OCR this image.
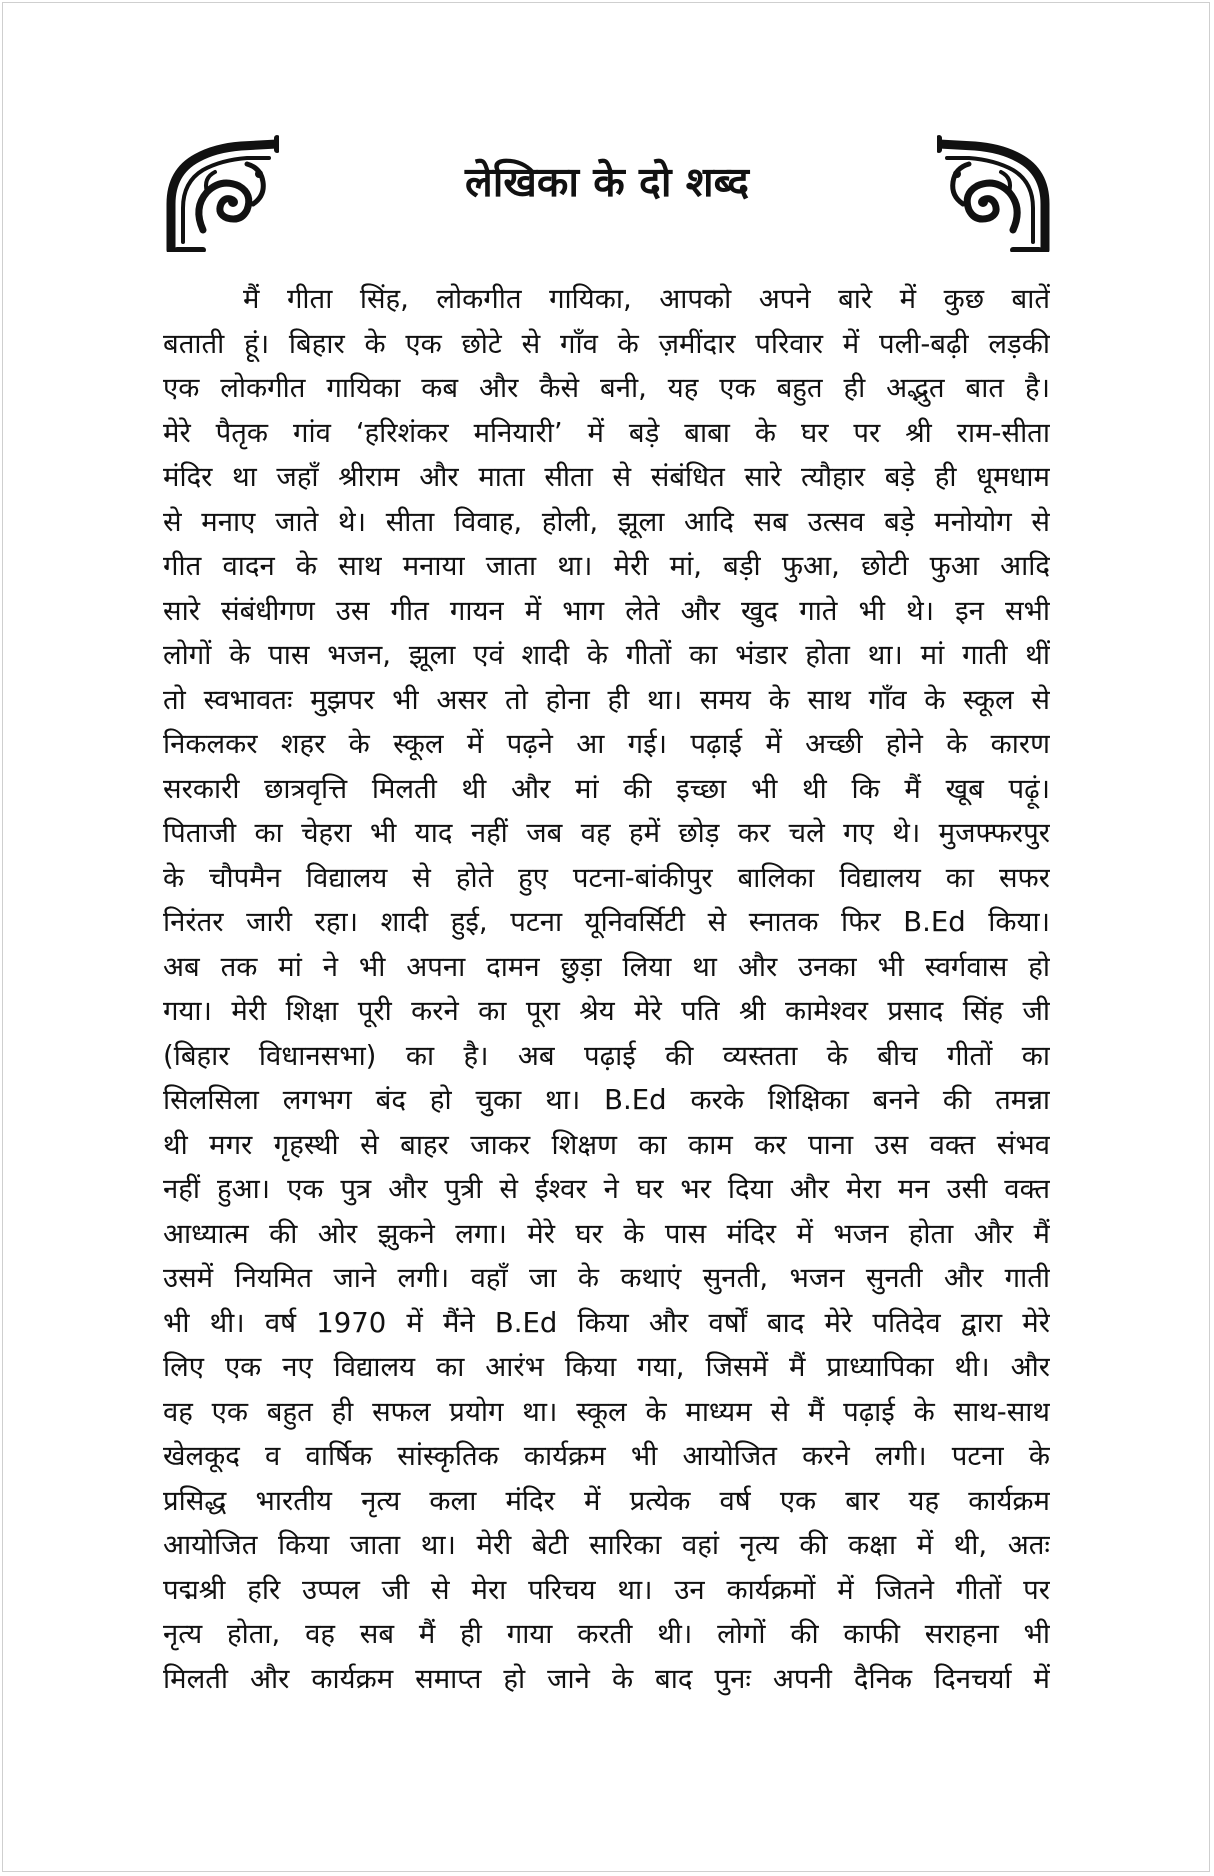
लेखिका के दो शब्द
मैं गीता सिंह, लोकगीत गायिका, आपको अपने बारे में कुछ बातें
बताती हूं। बिहार के एक छोटे से गाँव के ज़मींदार परिवार में पली-बढ़ी लड़की
एक लोकगीत गायिका कब और कैसे बनी, यह एक बहुत ही अद्भुत बात है।
मेरे पैतृक गांव ‘हरिशंकर मनियारी’ में बड़े बाबा के घर पर श्री राम-सीता
मंदिर था जहाँ श्रीराम और माता सीता से संबंधित सारे त्यौहार बड़े ही धूमधाम
से मनाए जाते थे। सीता विवाह, होली, झूला आदि सब उत्सव बड़े मनोयोग से
गीत वादन के साथ मनाया जाता था। मेरी मां, बड़ी फुआ, छोटी फुआ आदि
सारे संबंधीगण उस गीत गायन में भाग लेते और खुद गाते भी थे। इन सभी
लोगों के पास भजन, झूला एवं शादी के गीतों का भंडार होता था। मां गाती थीं
तो स्वभावतः मुझपर भी असर तो होना ही था। समय के साथ गाँव के स्कूल से
निकलकर शहर के स्कूल में पढ़ने आ गई। पढ़ाई में अच्छी होने के कारण
सरकारी छात्रवृत्ति मिलती थी और मां की इच्छा भी थी कि मैं खूब पढ़ूं।
पिताजी का चेहरा भी याद नहीं जब वह हमें छोड़ कर चले गए थे। मुजफ्फरपुर
के चौपमैन विद्यालय से होते हुए पटना-बांकीपुर बालिका विद्यालय का सफर
निरंतर जारी रहा। शादी हुई, पटना यूनिवर्सिटी से स्नातक फिर B.Ed किया।
अब तक मां ने भी अपना दामन छुड़ा लिया था और उनका भी स्वर्गवास हो
गया। मेरी शिक्षा पूरी करने का पूरा श्रेय मेरे पति श्री कामेश्वर प्रसाद सिंह जी
(बिहार विधानसभा) का है। अब पढ़ाई की व्यस्तता के बीच गीतों का
सिलसिला लगभग बंद हो चुका था। B.Ed करके शिक्षिका बनने की तमन्ना
थी मगर गृहस्थी से बाहर जाकर शिक्षण का काम कर पाना उस वक्त संभव
नहीं हुआ। एक पुत्र और पुत्री से ईश्वर ने घर भर दिया और मेरा मन उसी वक्त
आध्यात्म की ओर झुकने लगा। मेरे घर के पास मंदिर में भजन होता और मैं
उसमें नियमित जाने लगी। वहाँ जा के कथाएं सुनती, भजन सुनती और गाती
भी थी। वर्ष 1970 में मैंने B.Ed किया और वर्षों बाद मेरे पतिदेव द्वारा मेरे
लिए एक नए विद्यालय का आरंभ किया गया, जिसमें मैं प्राध्यापिका थी। और
वह एक बहुत ही सफल प्रयोग था। स्कूल के माध्यम से मैं पढ़ाई के साथ-साथ
खेलकूद व वार्षिक सांस्कृतिक कार्यक्रम भी आयोजित करने लगी। पटना के
प्रसिद्ध भारतीय नृत्य कला मंदिर में प्रत्येक वर्ष एक बार यह कार्यक्रम
आयोजित किया जाता था। मेरी बेटी सारिका वहां नृत्य की कक्षा में थी, अतः
पद्मश्री हरि उप्पल जी से मेरा परिचय था। उन कार्यक्रमों में जितने गीतों पर
नृत्य होता, वह सब मैं ही गाया करती थी। लोगों की काफी सराहना भी
मिलती और कार्यक्रम समाप्त हो जाने के बाद पुनः अपनी दैनिक दिनचर्या में
